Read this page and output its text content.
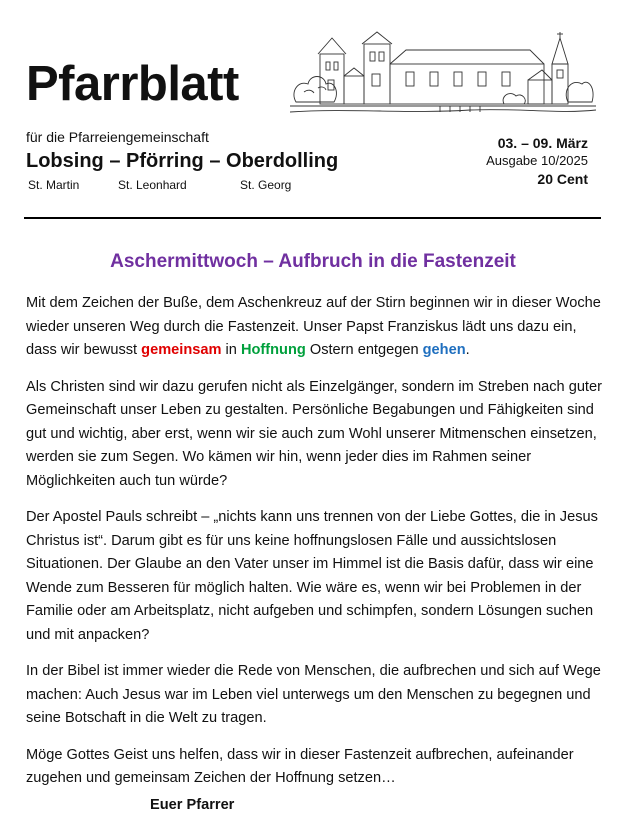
Pfarrblatt
für die Pfarreiengemeinschaft
Lobsing – Pförring – Oberdolling
St. Martin	St. Leonhard	St. Georg
03. – 09. März
Ausgabe 10/2025
20 Cent
Aschermittwoch – Aufbruch in die Fastenzeit

Mit dem Zeichen der Buße, dem Aschenkreuz auf der Stirn beginnen wir in dieser Woche wieder unseren Weg durch die Fastenzeit. Unser Papst Franziskus lädt uns dazu ein, dass wir bewusst gemeinsam in Hoffnung Ostern entgegen gehen.

Als Christen sind wir dazu gerufen nicht als Einzelgänger, sondern im Streben nach guter Gemeinschaft unser Leben zu gestalten. Persönliche Begabungen und Fähigkeiten sind gut und wichtig, aber erst, wenn wir sie auch zum Wohl unserer Mitmenschen einsetzen, werden sie zum Segen. Wo kämen wir hin, wenn jeder dies im Rahmen seiner Möglichkeiten auch tun würde?

Der Apostel Pauls schreibt – „nichts kann uns trennen von der Liebe Gottes, die in Jesus Christus ist“. Darum gibt es für uns keine hoffnungslosen Fälle und aussichtslosen Situationen. Der Glaube an den Vater unser im Himmel ist die Basis dafür, dass wir eine Wende zum Besseren für möglich halten. Wie wäre es, wenn wir bei Problemen in der Familie oder am Arbeitsplatz, nicht aufgeben und schimpfen, sondern Lösungen suchen und mit anpacken?

In der Bibel ist immer wieder die Rede von Menschen, die aufbrechen und sich auf Wege machen: Auch Jesus war im Leben viel unterwegs um den Menschen zu begegnen und seine Botschaft in die Welt zu tragen.

Möge Gottes Geist uns helfen, dass wir in dieser Fastenzeit aufbrechen, aufeinander zugehen und gemeinsam Zeichen der Hoffnung setzen…

Euer Pfarrer
